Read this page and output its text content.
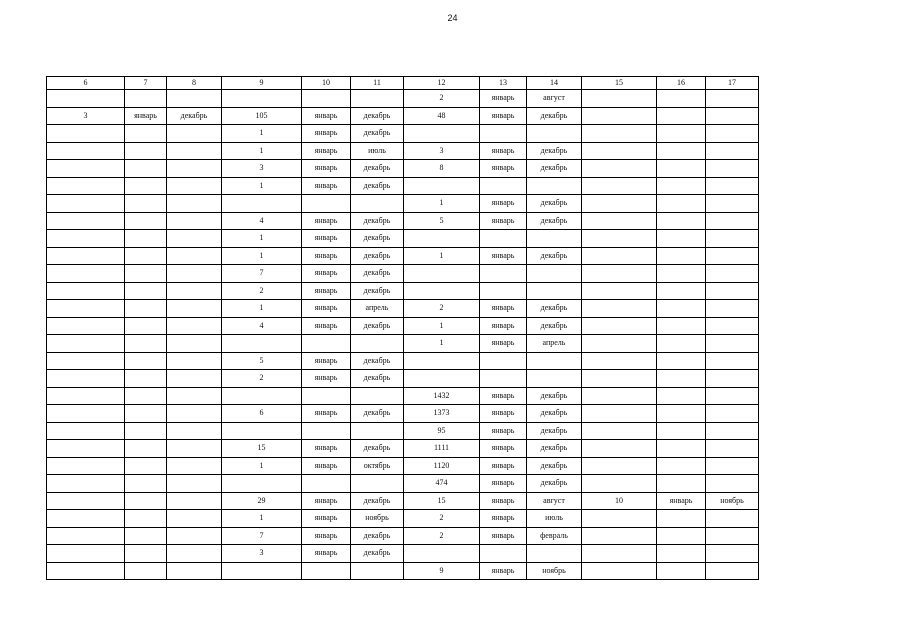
24
6	7	8	9	10	11	12	13	14	15	16	17
						2	январь	август			
3	январь	декабрь	105	январь	декабрь	48	январь	декабрь			
			1	январь	декабрь						
			1	январь	июль	3	январь	декабрь			
			3	январь	декабрь	8	январь	декабрь			
			1	январь	декабрь						
						1	январь	декабрь			
			4	январь	декабрь	5	январь	декабрь			
			1	январь	декабрь						
			1	январь	декабрь	1	январь	декабрь			
			7	январь	декабрь						
			2	январь	декабрь						
			1	январь	апрель	2	январь	декабрь			
			4	январь	декабрь	1	январь	декабрь			
						1	январь	апрель			
			5	январь	декабрь						
			2	январь	декабрь						
						1432	январь	декабрь			
			6	январь	декабрь	1373	январь	декабрь			
						95	январь	декабрь			
			15	январь	декабрь	1111	январь	декабрь			
			1	январь	октябрь	1120	январь	декабрь			
						474	январь	декабрь			
			29	январь	декабрь	15	январь	август	10	январь	ноябрь
			1	январь	ноябрь	2	январь	июль			
			7	январь	декабрь	2	январь	февраль			
			3	январь	декабрь						
						9	январь	ноябрь			
